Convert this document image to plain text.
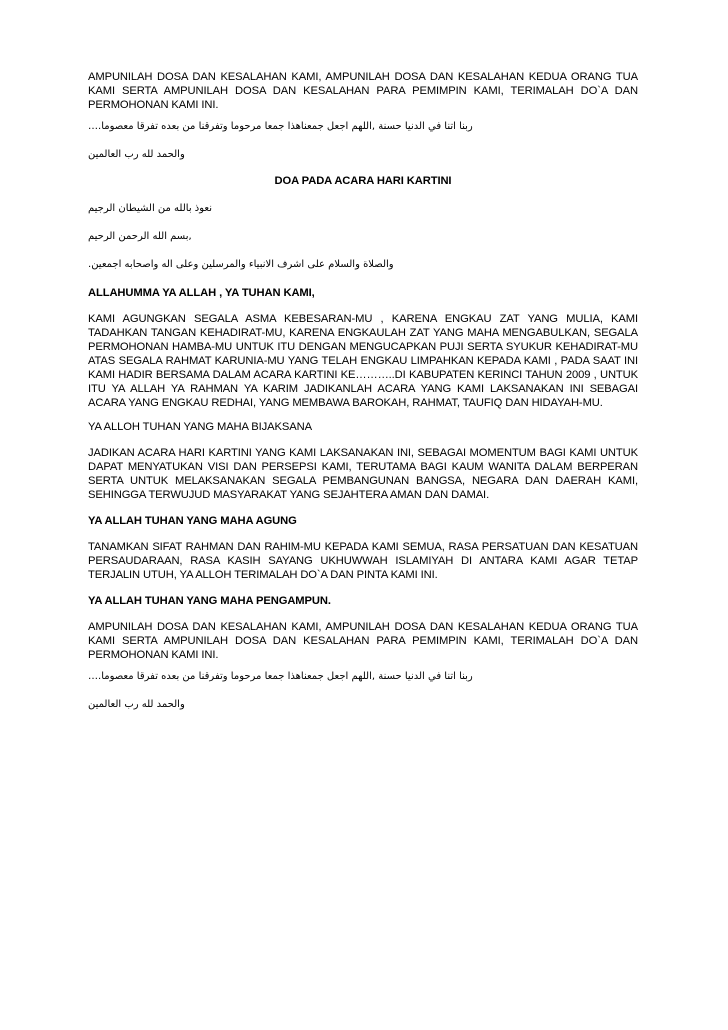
AMPUNILAH DOSA DAN KESALAHAN KAMI, AMPUNILAH DOSA DAN KESALAHAN KEDUA ORANG TUA KAMI SERTA AMPUNILAH DOSA DAN KESALAHAN PARA PEMIMPIN KAMI, TERIMALAH DO`A DAN PERMOHONAN KAMI INI.

….ربنا اتنا في الدنيا حسنة ,اللهم اجعل جمعناهذا جمعا مرحوما وتفرقنا من بعده تفرقا معصوما

والحمد لله رب العالمين

DOA PADA ACARA HARI KARTINI

نعوذ بالله من الشيطان الرجيم

بسم الله الرحمن الرحيم,

.والصلاة والسلام على اشرف الانبياء والمرسلين وعلى اله واصحابه اجمعين

ALLAHUMMA YA ALLAH , YA TUHAN KAMI,

KAMI AGUNGKAN SEGALA ASMA KEBESARAN-MU , KARENA ENGKAU ZAT YANG MULIA, KAMI TADAHKAN TANGAN KEHADIRAT-MU, KARENA ENGKAULAH ZAT YANG MAHA MENGABULKAN, SEGALA PERMOHONAN HAMBA-MU UNTUK ITU DENGAN MENGUCAPKAN PUJI SERTA SYUKUR KEHADIRAT-MU ATAS SEGALA RAHMAT KARUNIA-MU YANG TELAH ENGKAU LIMPAHKAN KEPADA KAMI , PADA SAAT INI KAMI HADIR BERSAMA DALAM ACARA KARTINI KE………..DI KABUPATEN KERINCI TAHUN 2009 , UNTUK ITU YA ALLAH YA RAHMAN YA KARIM JADIKANLAH ACARA YANG KAMI LAKSANAKAN INI SEBAGAI ACARA YANG ENGKAU REDHAI, YANG MEMBAWA BAROKAH, RAHMAT, TAUFIQ DAN HIDAYAH-MU.

YA ALLOH TUHAN YANG MAHA BIJAKSANA

JADIKAN ACARA HARI KARTINI YANG KAMI LAKSANAKAN INI, SEBAGAI MOMENTUM BAGI KAMI UNTUK DAPAT MENYATUKAN VISI DAN PERSEPSI KAMI, TERUTAMA BAGI KAUM WANITA DALAM BERPERAN SERTA UNTUK MELAKSANAKAN SEGALA PEMBANGUNAN BANGSA, NEGARA DAN DAERAH KAMI, SEHINGGA TERWUJUD MASYARAKAT YANG SEJAHTERA AMAN DAN DAMAI.

YA ALLAH TUHAN YANG MAHA AGUNG

TANAMKAN SIFAT RAHMAN DAN RAHIM-MU KEPADA KAMI SEMUA, RASA PERSATUAN DAN KESATUAN PERSAUDARAAN, RASA KASIH SAYANG UKHUWWAH ISLAMIYAH DI ANTARA KAMI AGAR TETAP TERJALIN UTUH, YA ALLOH TERIMALAH DO`A DAN PINTA KAMI INI.

YA ALLAH TUHAN YANG MAHA PENGAMPUN.

AMPUNILAH DOSA DAN KESALAHAN KAMI, AMPUNILAH DOSA DAN KESALAHAN KEDUA ORANG TUA KAMI SERTA AMPUNILAH DOSA DAN KESALAHAN PARA PEMIMPIN KAMI, TERIMALAH DO`A DAN PERMOHONAN KAMI INI.

….ربنا اتنا في الدنيا حسنة ,اللهم اجعل جمعناهذا جمعا مرحوما وتفرقنا من بعده تفرقا معصوما

والحمد لله رب العالمين
